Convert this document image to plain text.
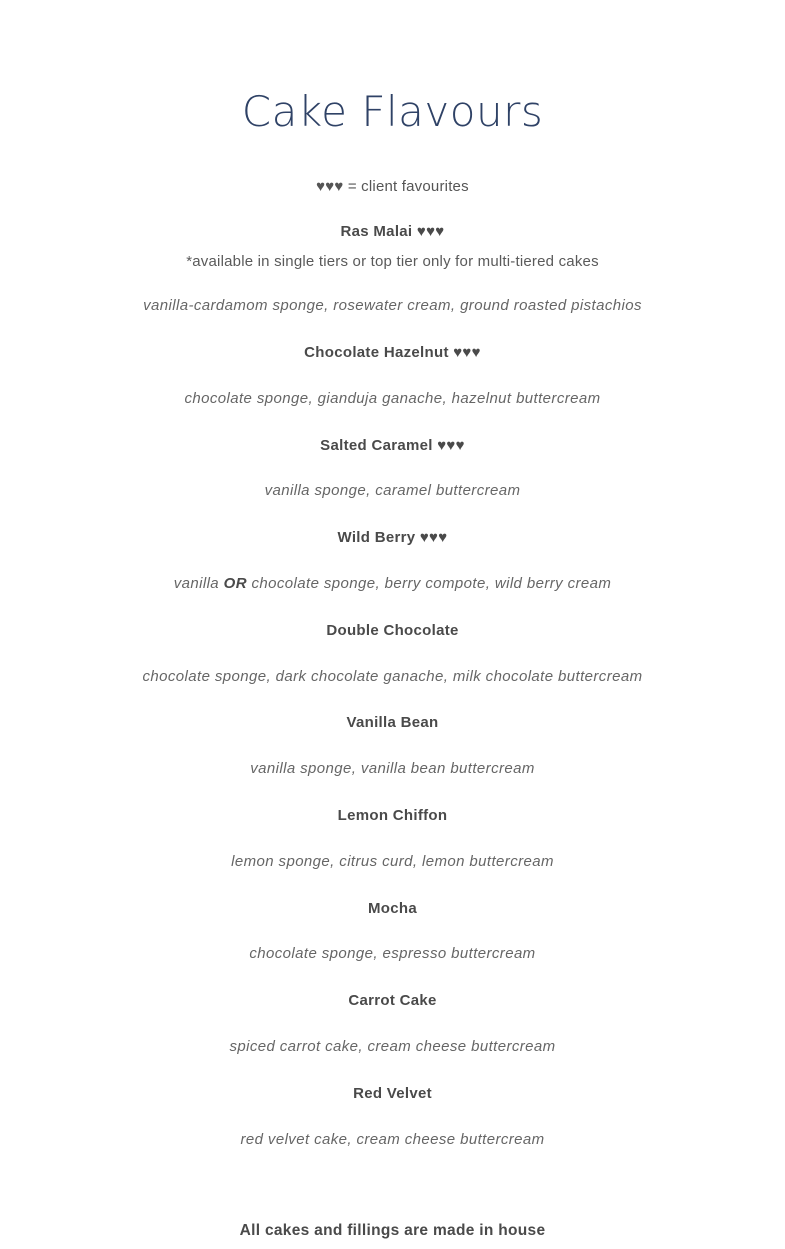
Cake Flavours
♥♥♥ = client favourites
Ras Malai ♥♥♥
*available in single tiers or top tier only for multi-tiered cakes
vanilla-cardamom sponge, rosewater cream, ground roasted pistachios
Chocolate Hazelnut ♥♥♥
chocolate sponge, gianduja ganache, hazelnut buttercream
Salted Caramel ♥♥♥
vanilla sponge, caramel buttercream
Wild Berry ♥♥♥
vanilla OR chocolate sponge, berry compote, wild berry cream
Double Chocolate
chocolate sponge, dark chocolate ganache, milk chocolate buttercream
Vanilla Bean
vanilla sponge, vanilla bean buttercream
Lemon Chiffon
lemon sponge, citrus curd, lemon buttercream
Mocha
chocolate sponge, espresso buttercream
Carrot Cake
spiced carrot cake, cream cheese buttercream
Red Velvet
red velvet cake, cream cheese buttercream
All cakes and fillings are made in house
